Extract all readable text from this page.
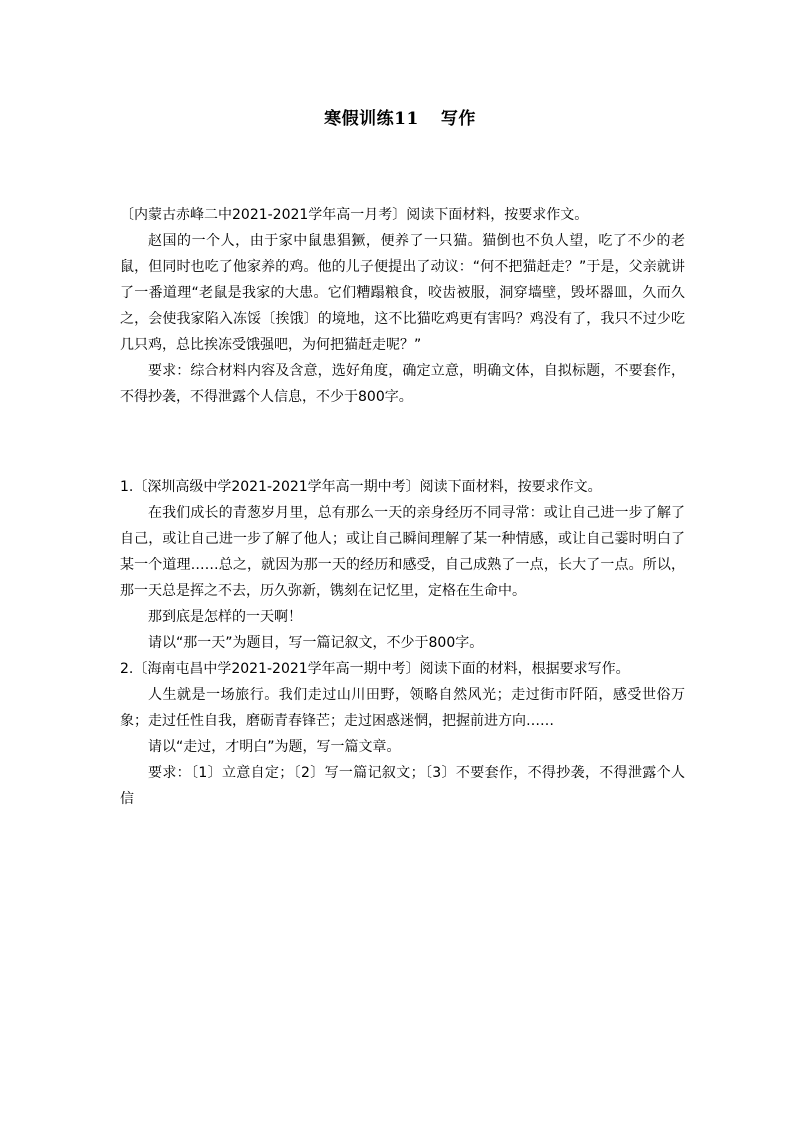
寒假训练11 写作

〔内蒙古赤峰二中2021-2021学年高一月考〕阅读下面材料，按要求作文。

赵国的一个人，由于家中鼠患猖獗，便养了一只猫。猫倒也不负人望，吃了不少的老鼠，但同时也吃了他家养的鸡。他的儿子便提出了动议：“何不把猫赶走？”于是，父亲就讲了一番道理“老鼠是我家的大患。它们糟蹋粮食，咬齿被服，洞穿墙壁，毁坏器皿，久而久之，会使我家陷入冻馁〔挨饿〕的境地，这不比猫吃鸡更有害吗？鸡没有了，我只不过少吃几只鸡，总比挨冻受饿强吧，为何把猫赶走呢？”

要求：综合材料内容及含意，选好角度，确定立意，明确文体，自拟标题，不要套作，不得抄袭，不得泄露个人信息，不少于800字。

1.〔深圳高级中学2021-2021学年高一期中考〕阅读下面材料，按要求作文。

在我们成长的青葱岁月里，总有那么一天的亲身经历不同寻常：或让自己进一步了解了自己，或让自己进一步了解了他人；或让自己瞬间理解了某一种情感，或让自己霎时明白了某一个道理……总之，就因为那一天的经历和感受，自己成熟了一点，长大了一点。所以，那一天总是挥之不去，历久弥新，镌刻在记忆里，定格在生命中。

那到底是怎样的一天啊！

请以“那一天”为题目，写一篇记叙文，不少于800字。

2.〔海南屯昌中学2021-2021学年高一期中考〕阅读下面的材料，根据要求写作。

人生就是一场旅行。我们走过山川田野，领略自然风光；走过街市阡陌，感受世俗万象；走过任性自我，磨砺青春锋芒；走过困惑迷惘，把握前进方向……

请以“走过，才明白”为题，写一篇文章。

要求：〔1〕立意自定；〔2〕写一篇记叙文；〔3〕不要套作，不得抄袭，不得泄露个人信
